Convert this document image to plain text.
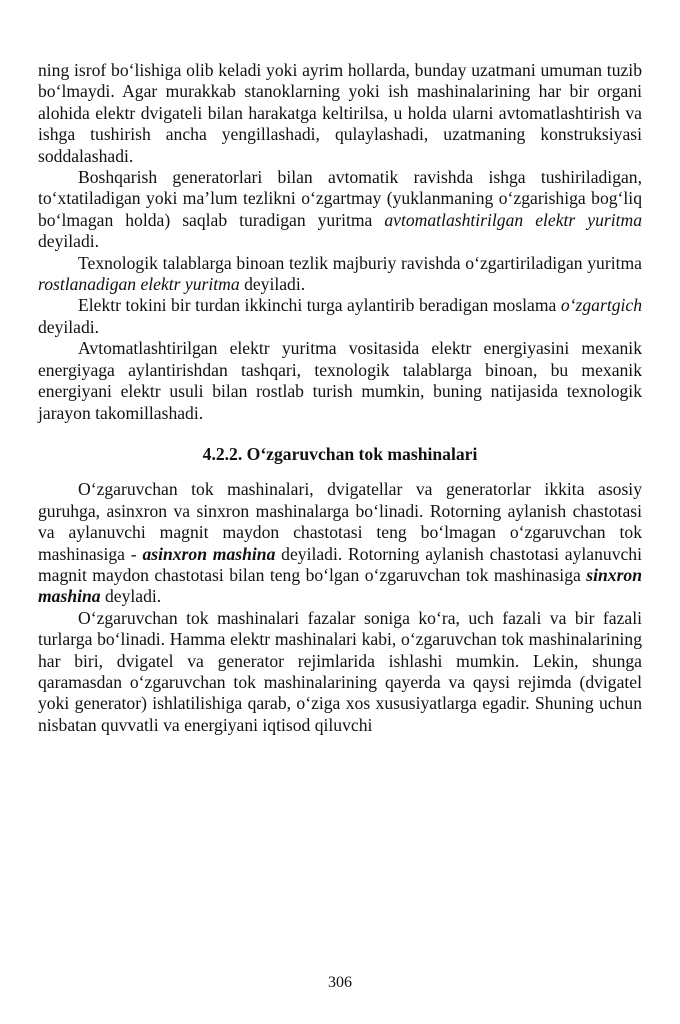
ning isrof bo‘lishiga olib keladi yoki ayrim hollarda, bunday uzatmani umuman tuzib bo‘lmaydi. Agar murakkab stanoklarning yoki ish mashinalarining har bir organi alohida elektr dvigateli bilan harakatga keltirilsa, u holda ularni avtomatlashtirish va ishga tushirish ancha yengillashadi, qulaylashadi, uzatmaning konstruksiyasi soddalashadi.

Boshqarish generatorlari bilan avtomatik ravishda ishga tushiriladigan, to‘xtatiladigan yoki ma’lum tezlikni o‘zgartmay (yuklanmaning o‘zgarishiga bog‘liq bo‘lmagan holda) saqlab turadigan yuritma avtomatlashtirilgan elektr yuritma deyiladi.

Texnologik talablarga binoan tezlik majburiy ravishda o‘zgartiriladigan yuritma rostlanadigan elektr yuritma deyiladi.

Elektr tokini bir turdan ikkinchi turga aylantirib beradigan moslama o‘zgartgich deyiladi.

Avtomatlashtirilgan elektr yuritma vositasida elektr energiyasini mexanik energiyaga aylantirishdan tashqari, texnologik talablarga binoan, bu mexanik energiyani elektr usuli bilan rostlab turish mumkin, buning natijasida texnologik jarayon takomillashadi.

4.2.2. O‘zgaruvchan tok mashinalari

O‘zgaruvchan tok mashinalari, dvigatellar va generatorlar ikkita asosiy guruhga, asinxron va sinxron mashinalarga bo‘linadi. Rotorning aylanish chastotasi va aylanuvchi magnit maydon chastotasi teng bo‘lmagan o‘zgaruvchan tok mashinasiga - asinxron mashina deyiladi. Rotorning aylanish chastotasi aylanuvchi magnit maydon chastotasi bilan teng bo‘lgan o‘zgaruvchan tok mashinasiga sinxron mashina deyladi.

O‘zgaruvchan tok mashinalari fazalar soniga ko‘ra, uch fazali va bir fazali turlarga bo‘linadi. Hamma elektr mashinalari kabi, o‘zgaruvchan tok mashinalarining har biri, dvigatel va generator rejimlarida ishlashi mumkin. Lekin, shunga qaramasdan o‘zgaruvchan tok mashinalarining qayerda va qaysi rejimda (dvigatel yoki generator) ishlatilishiga qarab, o‘ziga xos xususiyatlarga egadir. Shuning uchun nisbatan quvvatli va energiyani iqtisod qiluvchi

306
